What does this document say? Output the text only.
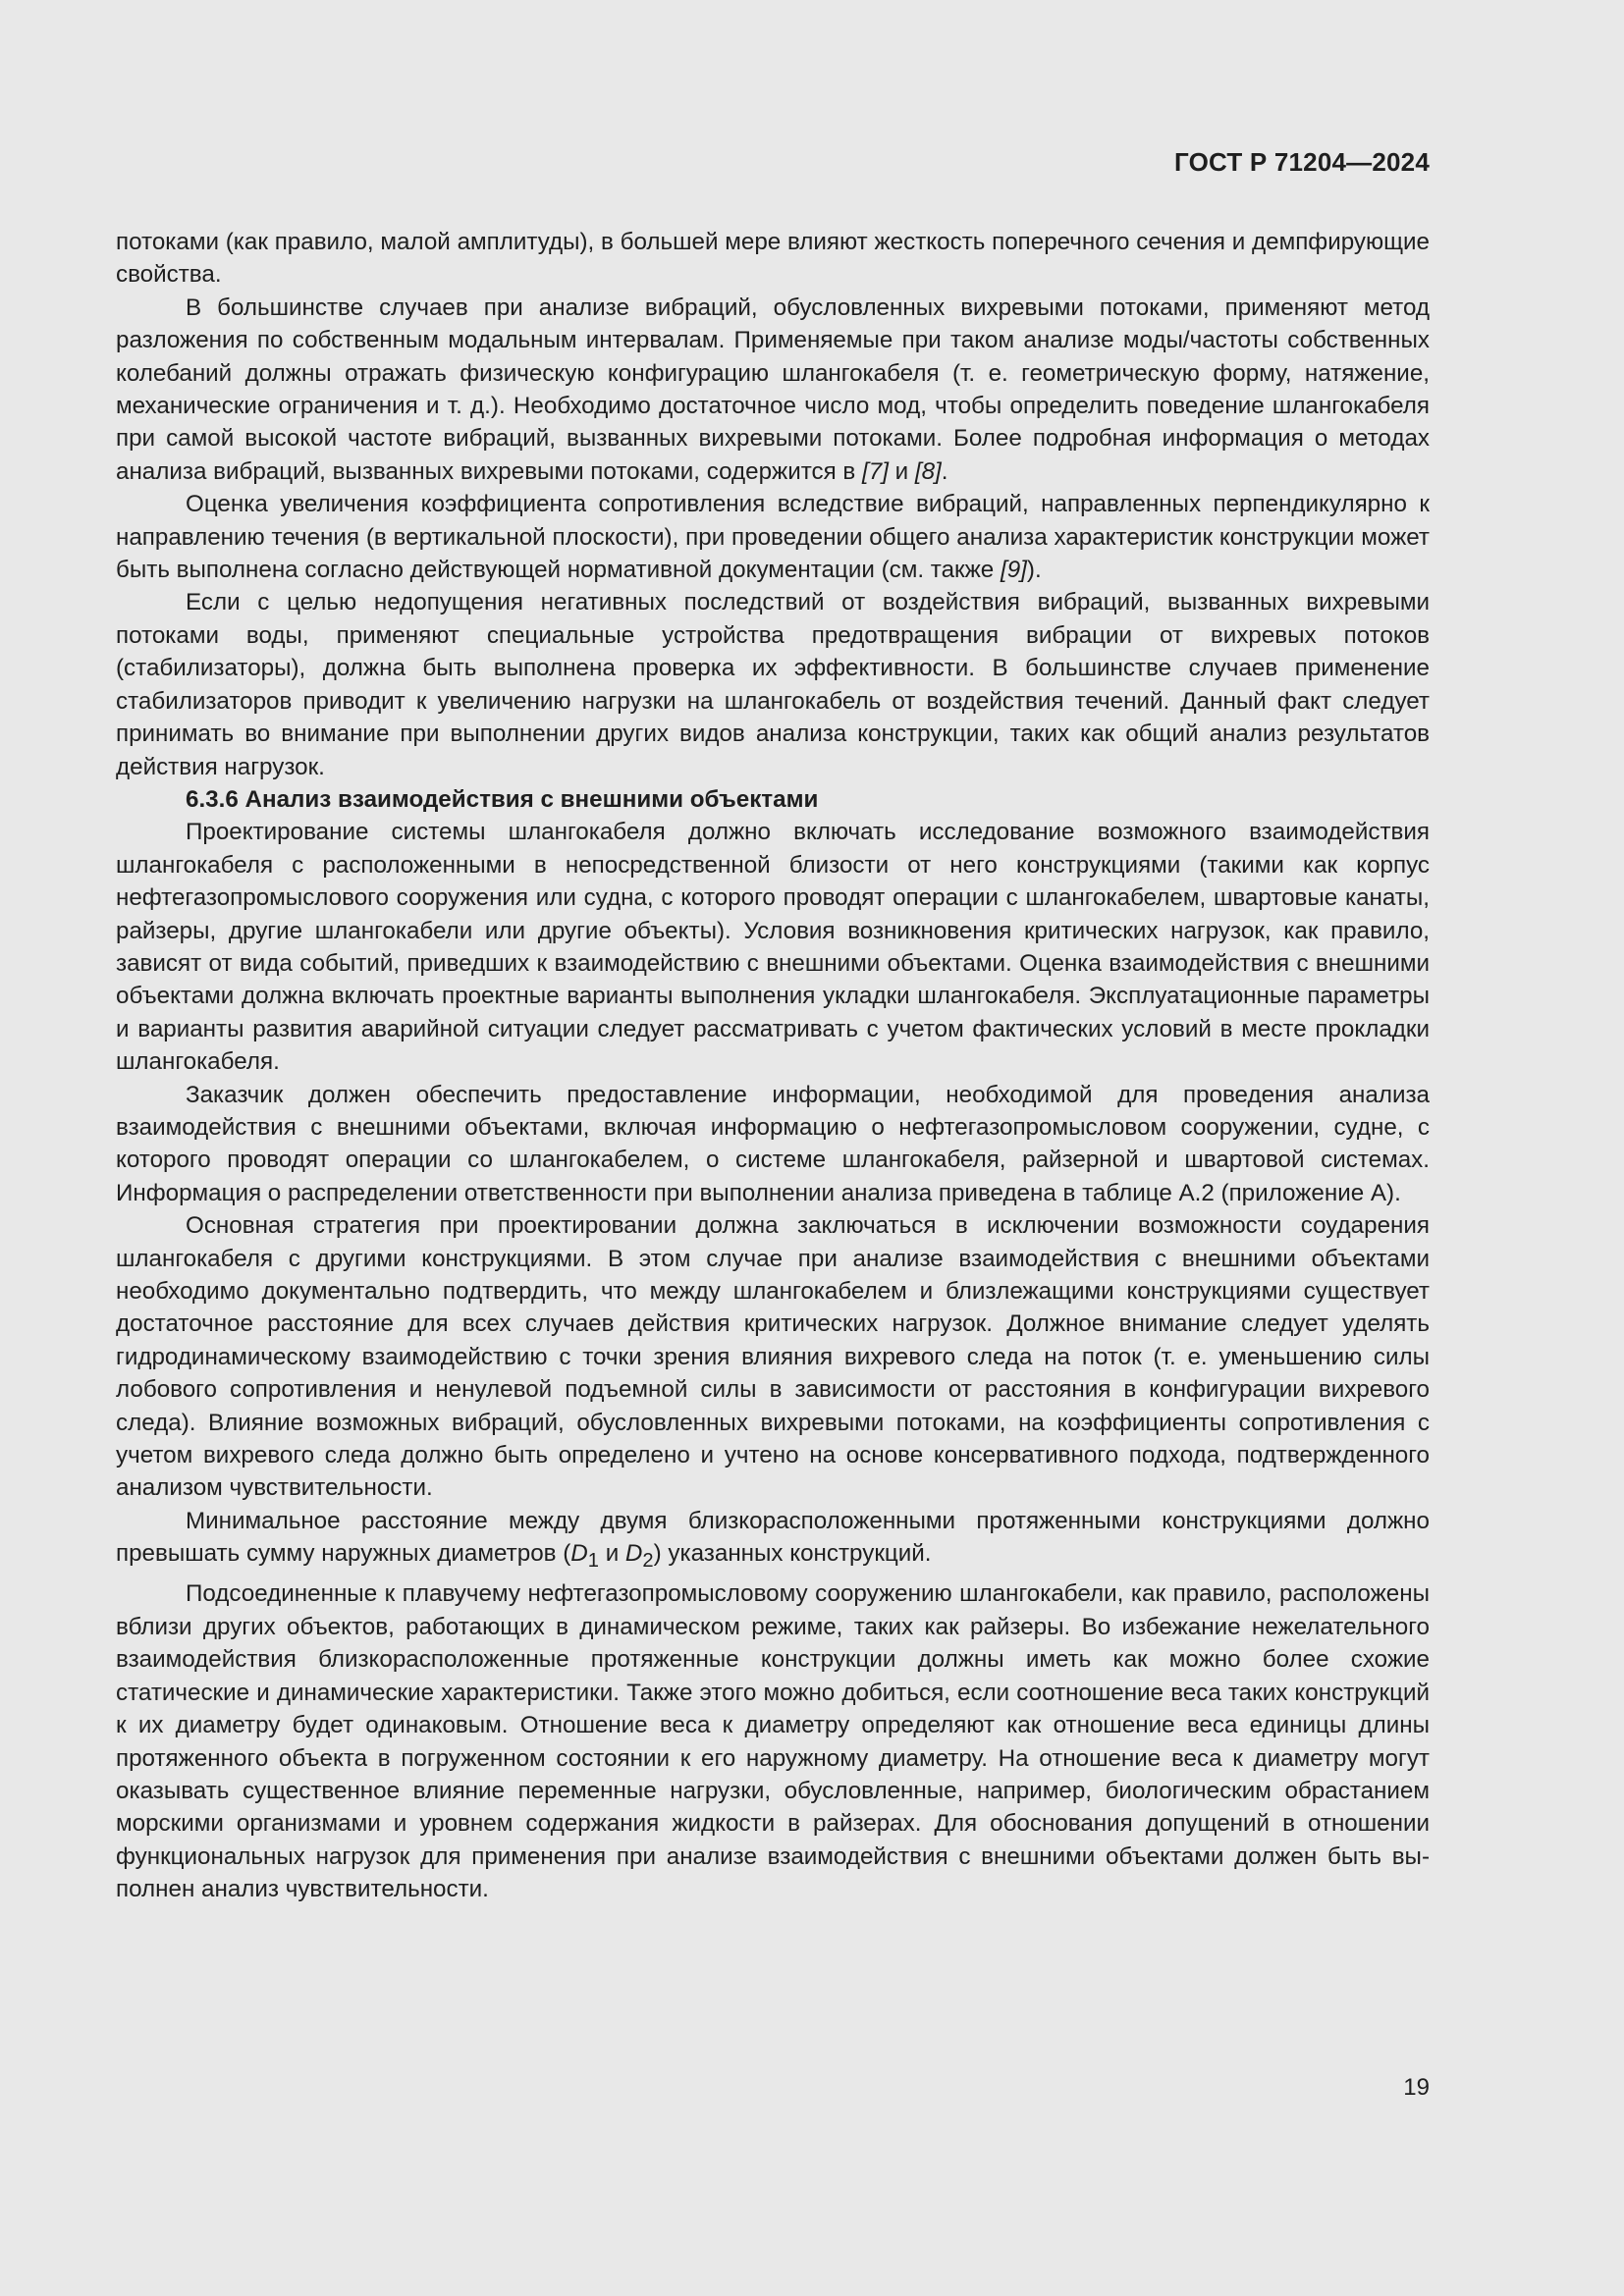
ГОСТ Р 71204—2024

потоками (как правило, малой амплитуды), в большей мере влияют жесткость поперечного сечения и демпфирующие свойства.

В большинстве случаев при анализе вибраций, обусловленных вихревыми потоками, применяют метод разложения по собственным модальным интервалам. Применяемые при таком анализе моды/частоты собственных колебаний должны отражать физическую конфигурацию шлангокабеля (т. е. геометрическую форму, натяжение, механические ограничения и т. д.). Необходимо достаточное число мод, чтобы определить поведение шлангокабеля при самой высокой частоте вибраций, вызванных вихревыми потоками. Более подробная информация о методах анализа вибраций, вызванных вихревыми потоками, содержится в [7] и [8].

Оценка увеличения коэффициента сопротивления вследствие вибраций, направленных перпендикулярно к направлению течения (в вертикальной плоскости), при проведении общего анализа характеристик конструкции может быть выполнена согласно действующей нормативной документации (см. также [9]).

Если с целью недопущения негативных последствий от воздействия вибраций, вызванных вихревыми потоками воды, применяют специальные устройства предотвращения вибрации от вихревых потоков (стабилизаторы), должна быть выполнена проверка их эффективности. В большинстве случаев применение стабилизаторов приводит к увеличению нагрузки на шлангокабель от воздействия течений. Данный факт следует принимать во внимание при выполнении других видов анализа конструкции, таких как общий анализ результатов действия нагрузок.

6.3.6 Анализ взаимодействия с внешними объектами

Проектирование системы шлангокабеля должно включать исследование возможного взаимодействия шлангокабеля с расположенными в непосредственной близости от него конструкциями (такими как корпус нефтегазопромыслового сооружения или судна, с которого проводят операции с шлангокабелем, швартовые канаты, райзеры, другие шлангокабели или другие объекты). Условия возникновения критических нагрузок, как правило, зависят от вида событий, приведших к взаимодействию с внешними объектами. Оценка взаимодействия с внешними объектами должна включать проектные варианты выполнения укладки шлангокабеля. Эксплуатационные параметры и варианты развития аварийной ситуации следует рассматривать с учетом фактических условий в месте прокладки шлангокабеля.

Заказчик должен обеспечить предоставление информации, необходимой для проведения анализа взаимодействия с внешними объектами, включая информацию о нефтегазопромысловом сооружении, судне, с которого проводят операции со шлангокабелем, о системе шлангокабеля, райзерной и швартовой системах. Информация о распределении ответственности при выполнении анализа приведена в таблице А.2 (приложение А).

Основная стратегия при проектировании должна заключаться в исключении возможности соударения шлангокабеля с другими конструкциями. В этом случае при анализе взаимодействия с внешними объектами необходимо документально подтвердить, что между шлангокабелем и близлежащими конструкциями существует достаточное расстояние для всех случаев действия критических нагрузок. Должное внимание следует уделять гидродинамическому взаимодействию с точки зрения влияния вихревого следа на поток (т. е. уменьшению силы лобового сопротивления и ненулевой подъемной силы в зависимости от расстояния в конфигурации вихревого следа). Влияние возможных вибраций, обусловленных вихревыми потоками, на коэффициенты сопротивления с учетом вихревого следа должно быть определено и учтено на основе консервативного подхода, подтвержденного анализом чувствительности.

Минимальное расстояние между двумя близкорасположенными протяженными конструкциями должно превышать сумму наружных диаметров ($D_1$ и $D_2$) указанных конструкций.

Подсоединенные к плавучему нефтегазопромысловому сооружению шлангокабели, как правило, расположены вблизи других объектов, работающих в динамическом режиме, таких как райзеры. Во избежание нежелательного взаимодействия близкорасположенные протяженные конструкции должны иметь как можно более схожие статические и динамические характеристики. Также этого можно добиться, если соотношение веса таких конструкций к их диаметру будет одинаковым. Отношение веса к диаметру определяют как отношение веса единицы длины протяженного объекта в погруженном состоянии к его наружному диаметру. На отношение веса к диаметру могут оказывать существенное влияние переменные нагрузки, обусловленные, например, биологическим обрастанием морскими организмами и уровнем содержания жидкости в райзерах. Для обоснования допущений в отношении функциональных нагрузок для применения при анализе взаимодействия с внешними объектами должен быть выполнен анализ чувствительности.

19
